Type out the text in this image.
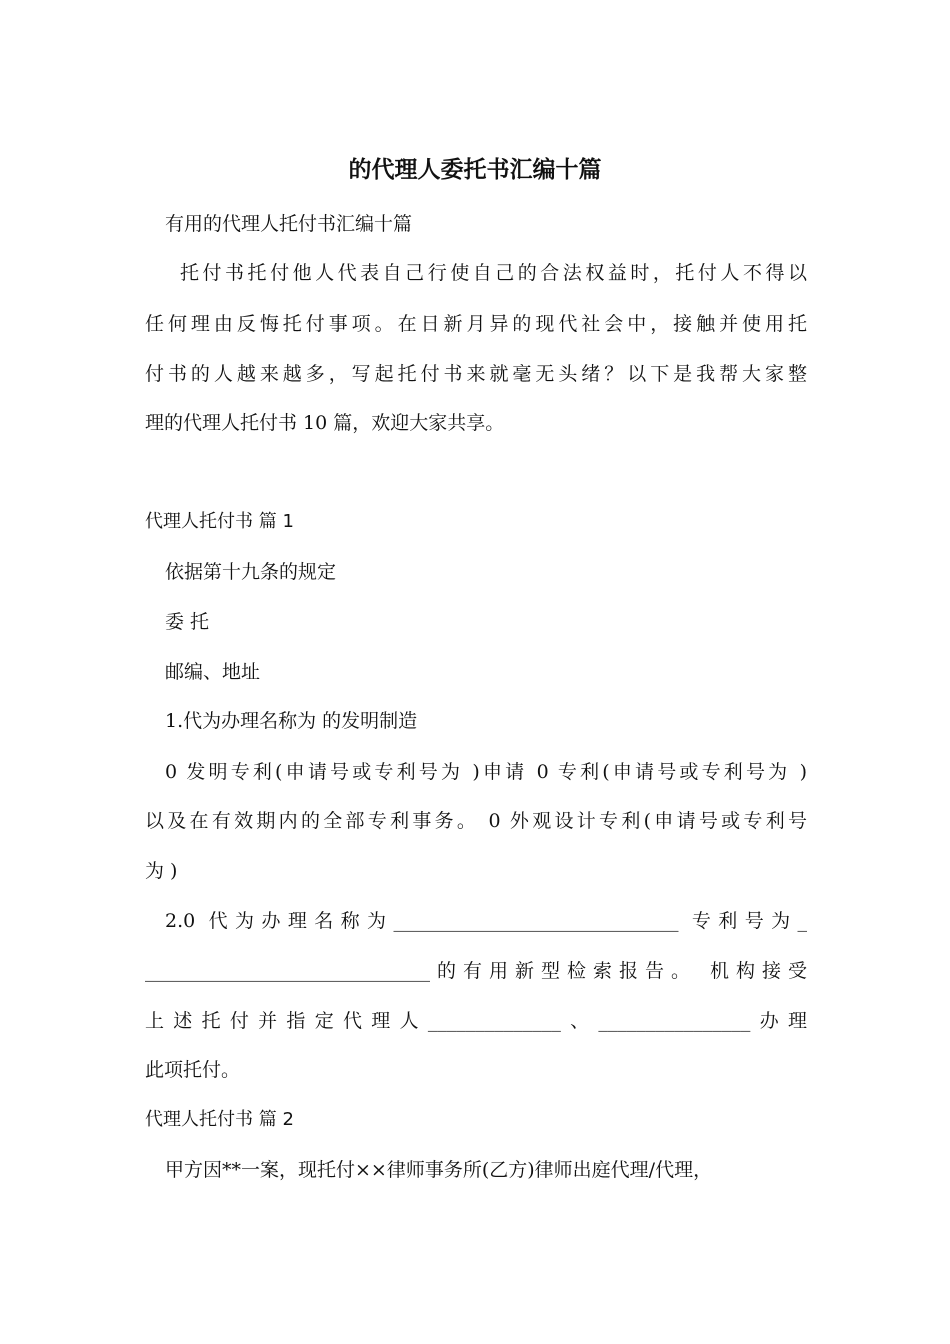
的代理人委托书汇编十篇
有用的代理人托付书汇编十篇
托付书托付他人代表自己行使自己的合法权益时，托付人不得以
任何理由反悔托付事项。在日新月异的现代社会中，接触并使用托
付书的人越来越多，写起托付书来就毫无头绪？以下是我帮大家整
理的代理人托付书 10 篇，欢迎大家共享。
代理人托付书 篇 1
依据第十九条的规定
委 托
邮编、地址
1.代为办理名称为 的发明制造
0 发明专利(申请号或专利号为 )申请 0 专利(申请号或专利号为 )
以及在有效期内的全部专利事务。 0 外观设计专利(申请号或专利号
为 )
2.0 代为办理名称为______________________________ 专利号为_
______________________________的有用新型检索报告。 机构接受
上述托付并指定代理人______________、________________办理
此项托付。
代理人托付书 篇 2
甲方因**一案，现托付××律师事务所(乙方)律师出庭代理/代理，
